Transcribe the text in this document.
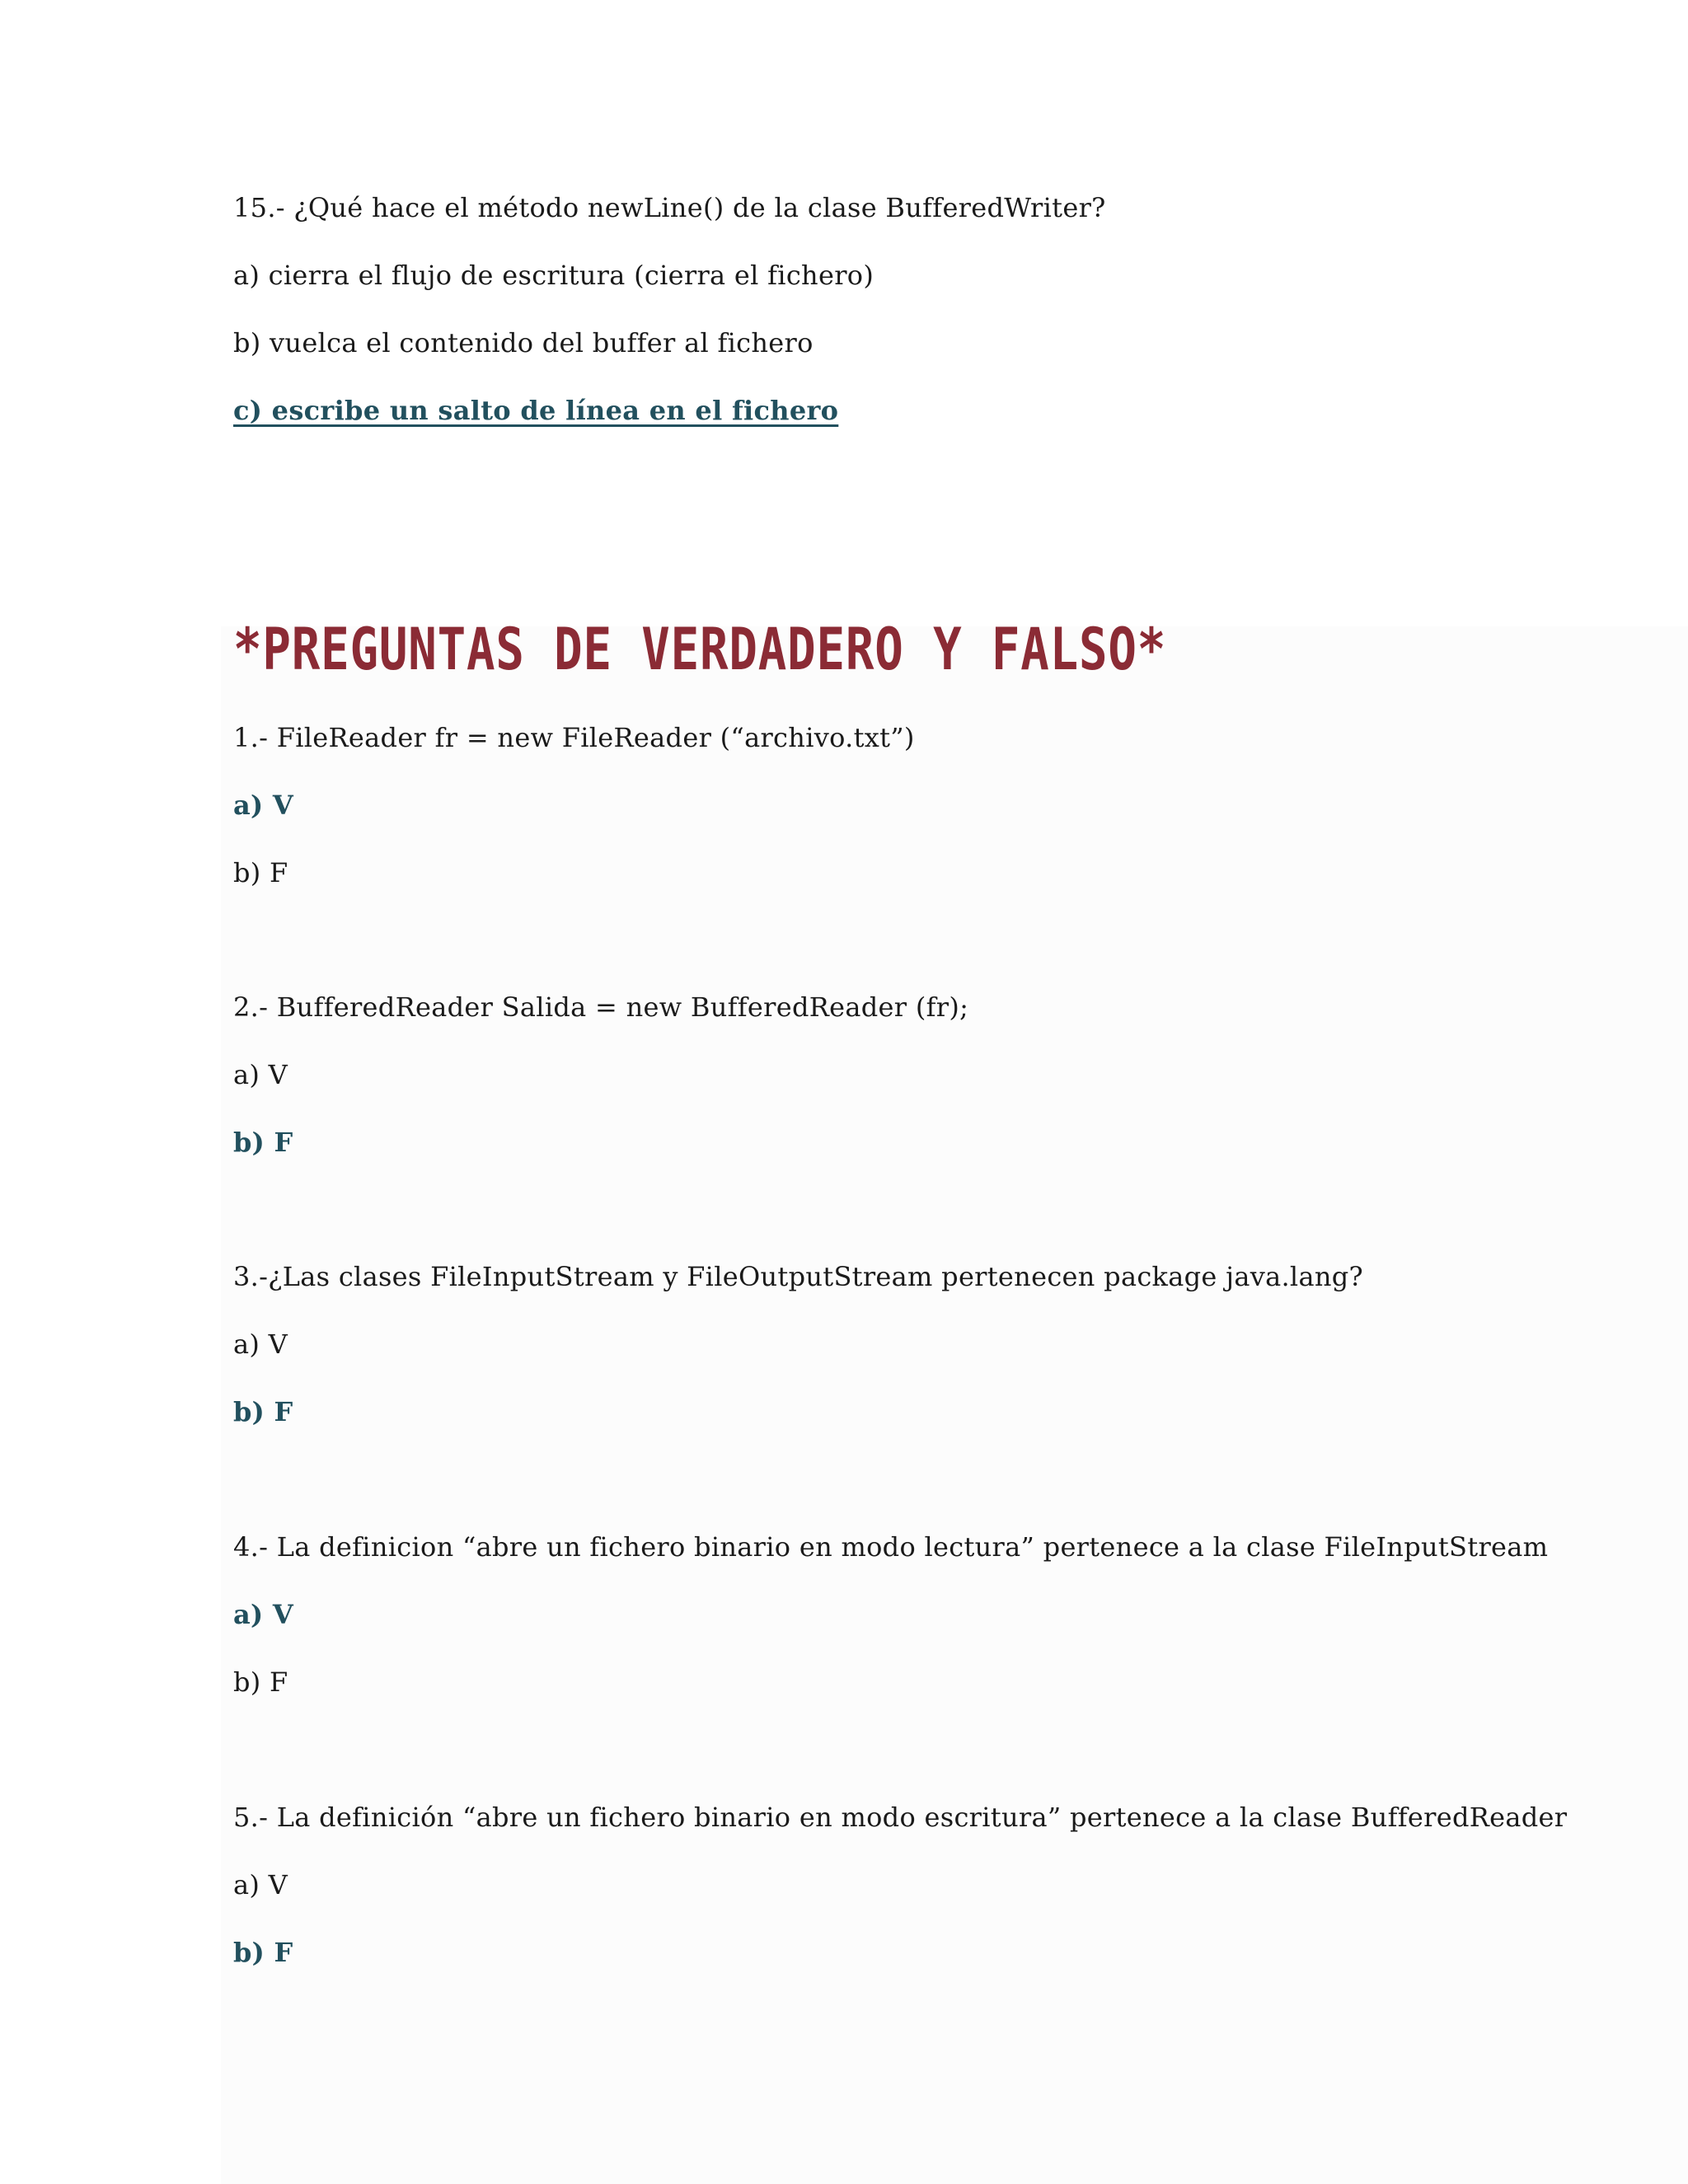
15.- ¿Qué hace el método newLine() de la clase BufferedWriter?
a) cierra el flujo de escritura (cierra el fichero)
b) vuelca el contenido del buffer al fichero
c) escribe un salto de línea en el fichero
*PREGUNTAS DE VERDADERO Y FALSO*
1.- FileReader fr = new FileReader (“archivo.txt”)
a) V
b) F
2.- BufferedReader Salida = new BufferedReader (fr);
a) V
b) F
3.-¿Las clases FileInputStream y FileOutputStream pertenecen package java.lang?
a) V
b) F
4.- La definicion “abre un fichero binario en modo lectura” pertenece a la clase FileInputStream
a) V
b) F
5.- La definición “abre un fichero binario en modo escritura” pertenece a la clase BufferedReader
a) V
b) F
